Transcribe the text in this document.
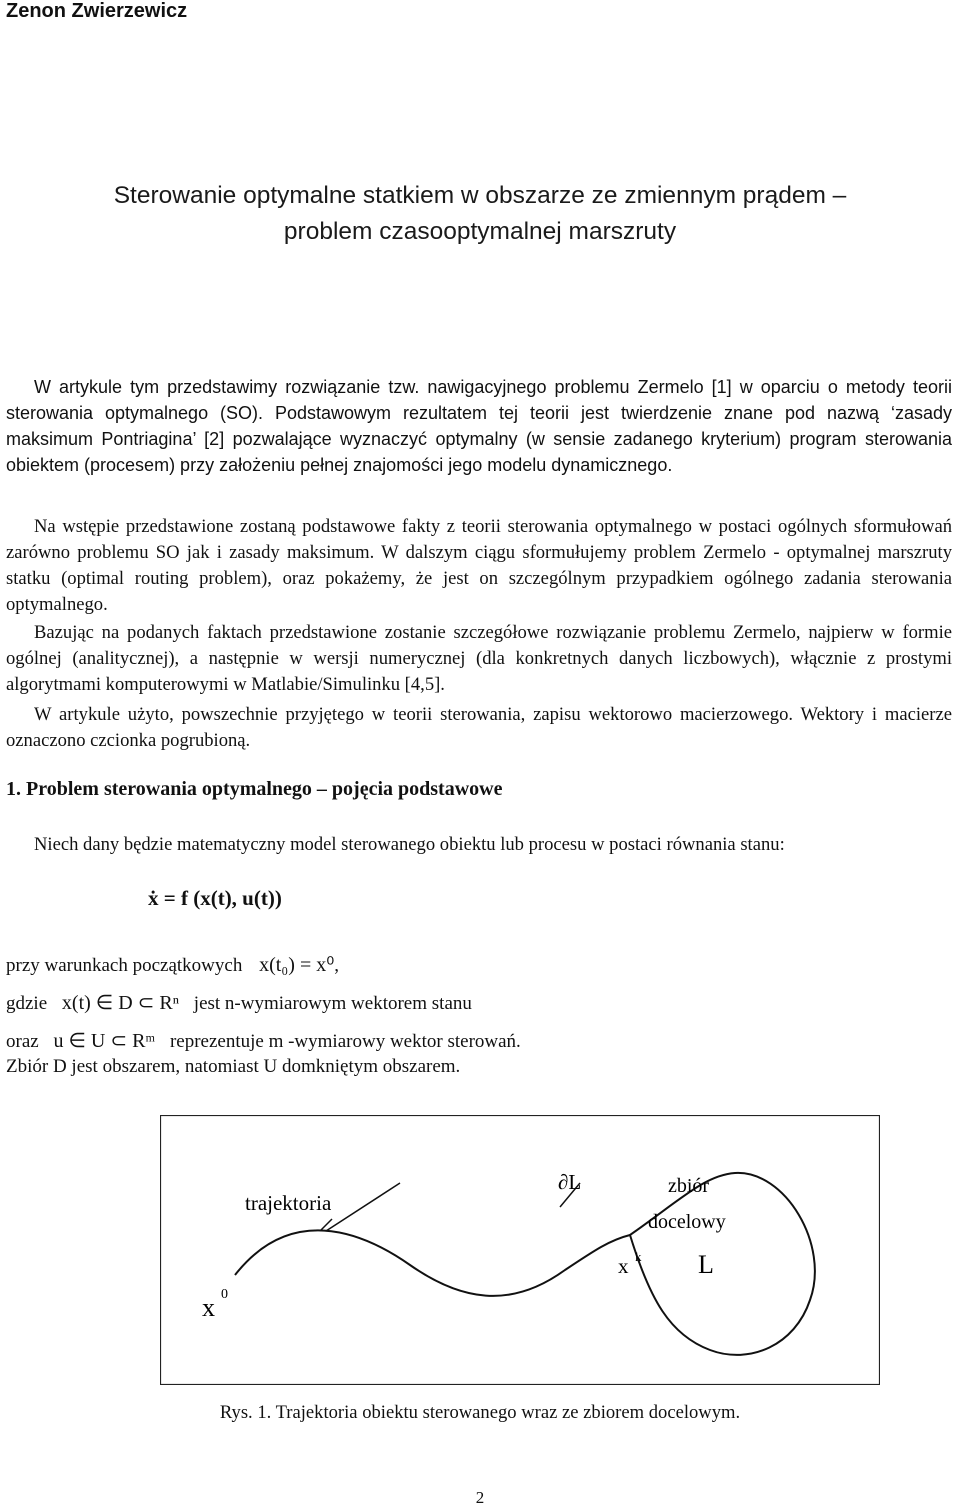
Zenon Zwierzewicz
Sterowanie optymalne statkiem w obszarze ze zmiennym prądem –
problem czasooptymalnej marszruty
W artykule tym przedstawimy rozwiązanie tzw. nawigacyjnego problemu Zermelo [1] w oparciu o metody teorii sterowania optymalnego (SO). Podstawowym rezultatem tej teorii jest twierdzenie znane pod nazwą ‘zasady maksimum Pontriagina’ [2] pozwalające wyznaczyć optymalny (w sensie zadanego kryterium) program sterowania obiektem (procesem) przy założeniu pełnej znajomości jego modelu dynamicznego.
Na wstępie przedstawione zostaną podstawowe fakty z teorii sterowania optymalnego w postaci ogólnych sformułowań zarówno problemu SO jak i zasady maksimum. W dalszym ciągu sformułujemy problem Zermelo - optymalnej marszruty statku (optimal routing problem), oraz pokażemy, że jest on szczególnym przypadkiem ogólnego zadania sterowania optymalnego.
Bazując na podanych faktach przedstawione zostanie szczegółowe rozwiązanie problemu Zermelo, najpierw w formie ogólnej (analitycznej), a następnie w wersji numerycznej (dla konkretnych danych liczbowych), włącznie z prostymi algorytmami komputerowymi w Matlabie/Simulinku [4,5].
W artykule użyto, powszechnie przyjętego w teorii sterowania, zapisu wektorowo macierzowego. Wektory i macierze oznaczono czcionka pogrubioną.
1. Problem sterowania optymalnego – pojęcia podstawowe
Niech dany będzie matematyczny model sterowanego obiektu lub procesu w postaci równania stanu:
ẋ = f (x(t), u(t))
przy warunkach początkowych x(t₀) = x⁰,
gdzie x(t) ∈ D ⊂ Rⁿ jest n-wymiarowym wektorem stanu
oraz u ∈ U ⊂ Rᵐ reprezentuje m -wymiarowy wektor sterowań.
Zbiór D jest obszarem, natomiast U domkniętym obszarem.
trajektoria
∂L	zbiór
docelowy
L
x k
x 0
Rys. 1. Trajektoria obiektu sterowanego wraz ze zbiorem docelowym.
2
